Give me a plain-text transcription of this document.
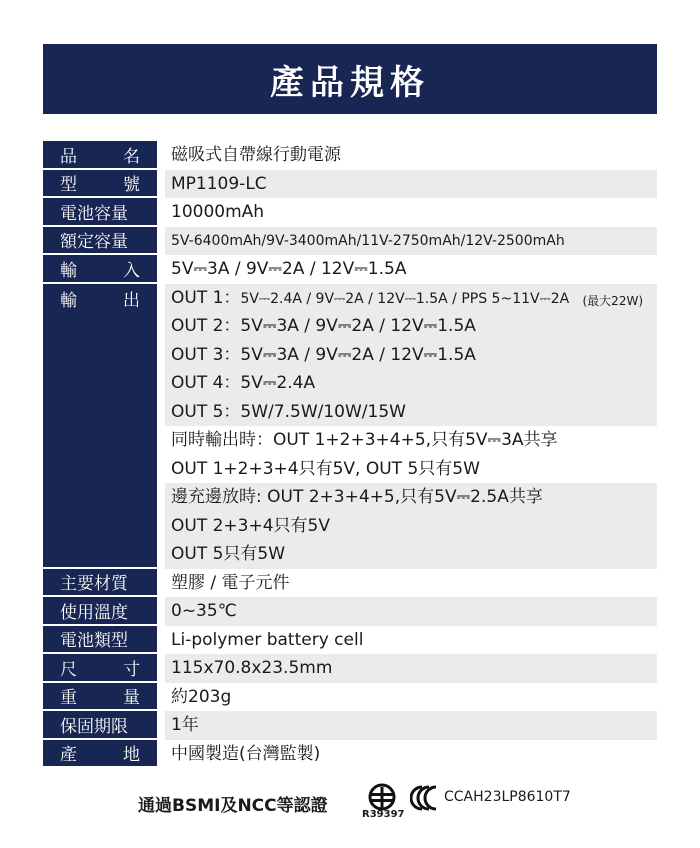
產品規格
品	名	磁吸式自帶線行動電源
型	號	MP1109-LC
電池容量	10000mAh
額定容量	5V-6400mAh/9V-3400mAh/11V-2750mAh/12V-2500mAh
輸	入	5V⎓3A / 9V⎓2A / 12V⎓1.5A
輸	出	OUT 1：5V⎓2.4A / 9V⎓2A / 12V⎓1.5A / PPS 5~11V⎓2A (最大22W)
OUT 2：5V⎓3A / 9V⎓2A / 12V⎓1.5A
OUT 3：5V⎓3A / 9V⎓2A / 12V⎓1.5A
OUT 4：5V⎓2.4A
OUT 5：5W/7.5W/10W/15W
同時輸出時：OUT 1+2+3+4+5,只有5V⎓3A共享
OUT 1+2+3+4只有5V, OUT 5只有5W
邊充邊放時: OUT 2+3+4+5,只有5V⎓2.5A共享
OUT 2+3+4只有5V
OUT 5只有5W
主要材質	塑膠 / 電子元件
使用溫度	0~35℃
電池類型	Li-polymer battery cell
尺	寸	115x70.8x23.5mm
重	量	約203g
保固期限	1年
產	地	中國製造(台灣監製)
通過BSMI及NCC等認證	R39397
CCAH23LP8610T7
